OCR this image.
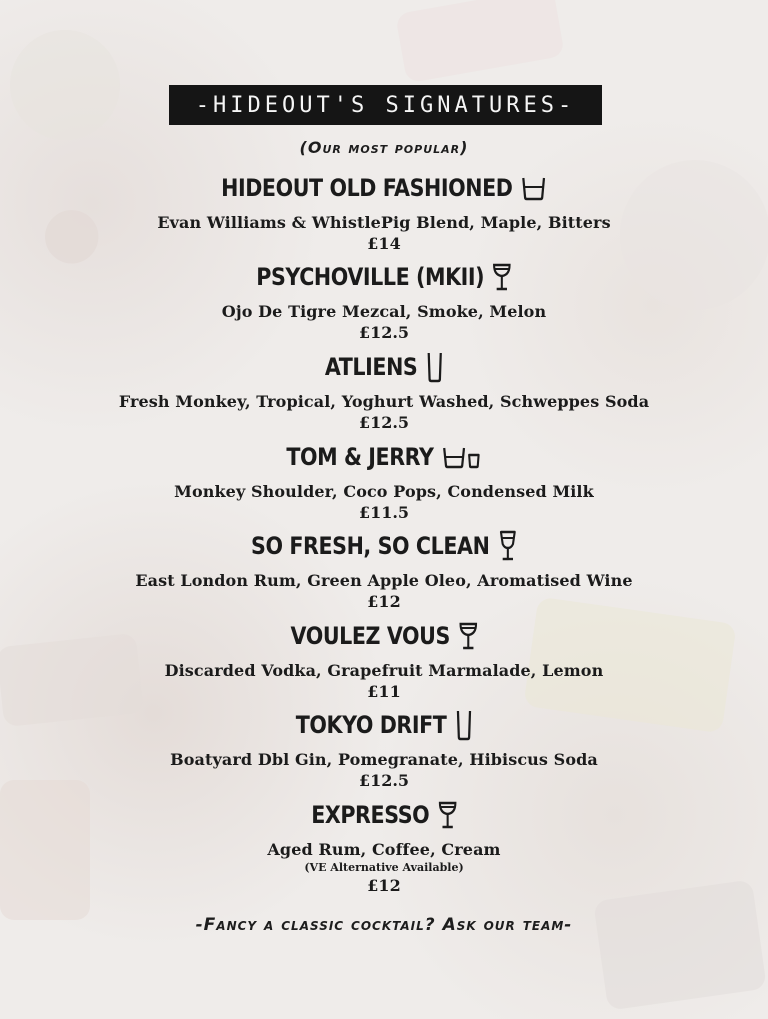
●
-HIDEOUT'S SIGNATURES-
(Our most popular)
HIDEOUT OLD FASHIONED
Evan Williams & WhistlePig Blend, Maple, Bitters
£14
PSYCHOVILLE (MKII)
Ojo De Tigre Mezcal, Smoke, Melon
£12.5
ATLIENS
Fresh Monkey, Tropical, Yoghurt Washed, Schweppes Soda
£12.5
TOM & JERRY
Monkey Shoulder, Coco Pops, Condensed Milk
£11.5
SO FRESH, SO CLEAN
East London Rum, Green Apple Oleo, Aromatised Wine
£12
VOULEZ VOUS
Discarded Vodka, Grapefruit Marmalade, Lemon
£11
TOKYO DRIFT
Boatyard Dbl Gin, Pomegranate, Hibiscus Soda
£12.5
EXPRESSO
Aged Rum, Coffee, Cream
(VE Alternative Available)
£12
-Fancy a classic cocktail? Ask our team-
